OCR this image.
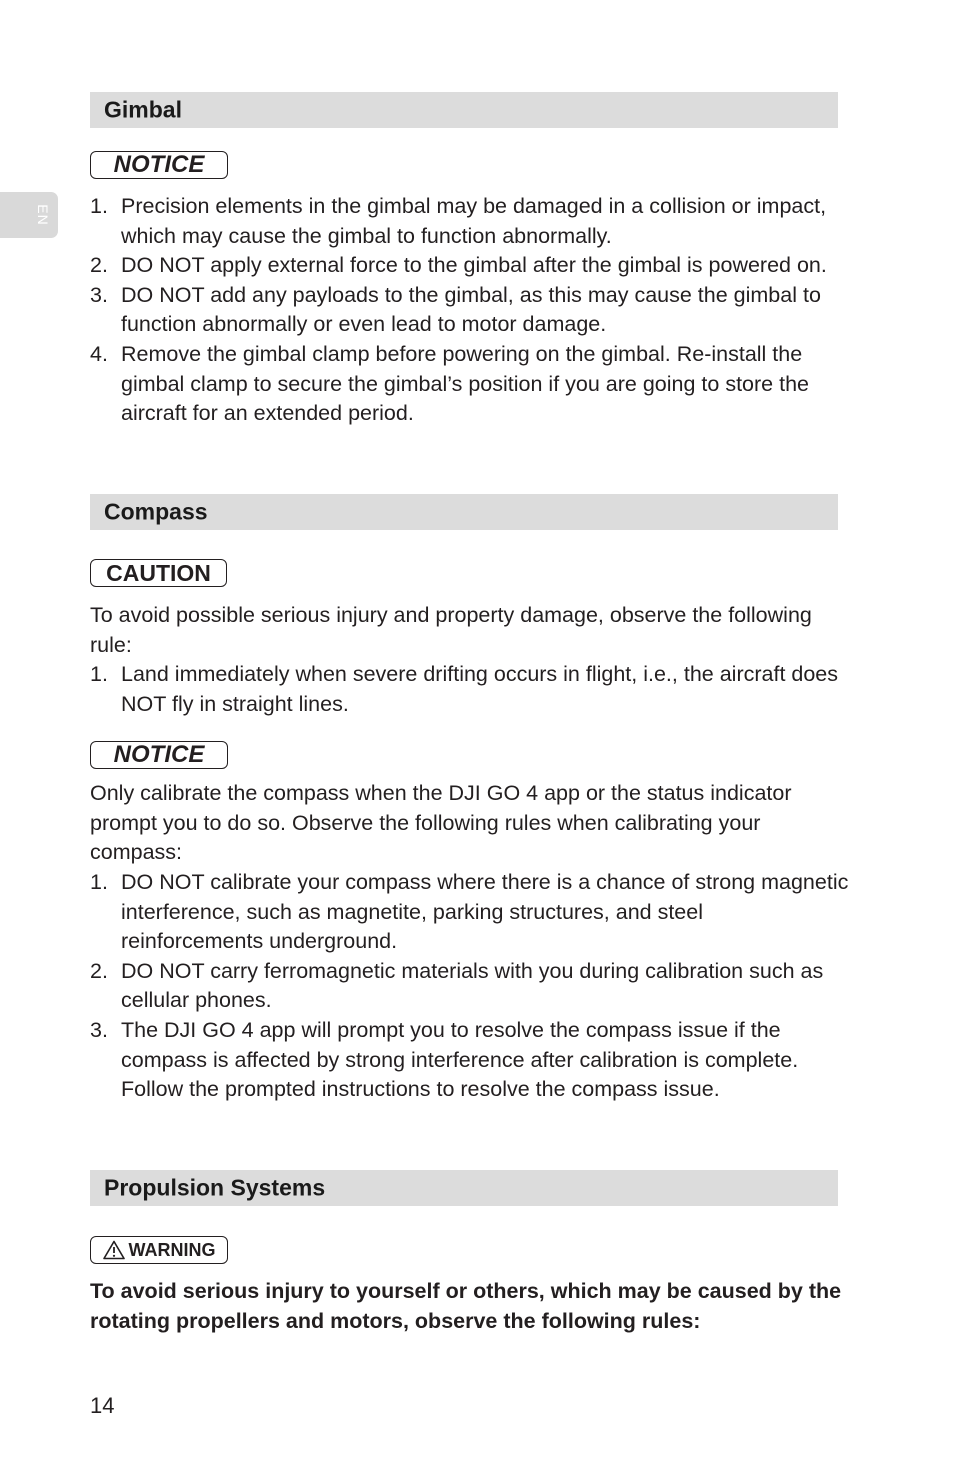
EN
Gimbal
NOTICE
1. Precision elements in the gimbal may be damaged in a collision or impact, which may cause the gimbal to function abnormally.
2. DO NOT apply external force to the gimbal after the gimbal is powered on.
3. DO NOT add any payloads to the gimbal, as this may cause the gimbal to function abnormally or even lead to motor damage.
4. Remove the gimbal clamp before powering on the gimbal. Re-install the gimbal clamp to secure the gimbal’s position if you are going to store the aircraft for an extended period.
Compass
CAUTION

To avoid possible serious injury and property damage, observe the following rule:

1. Land immediately when severe drifting occurs in flight, i.e., the aircraft does NOT fly in straight lines.
NOTICE

Only calibrate the compass when the DJI GO 4 app or the status indicator prompt you to do so. Observe the following rules when calibrating your compass:

1. DO NOT calibrate your compass where there is a chance of strong magnetic interference, such as magnetite, parking structures, and steel reinforcements underground.
2. DO NOT carry ferromagnetic materials with you during calibration such as cellular phones.
3. The DJI GO 4 app will prompt you to resolve the compass issue if the compass is affected by strong interference after calibration is complete. Follow the prompted instructions to resolve the compass issue.
Propulsion Systems
WARNING

To avoid serious injury to yourself or others, which may be caused by the rotating propellers and motors, observe the following rules:

14
